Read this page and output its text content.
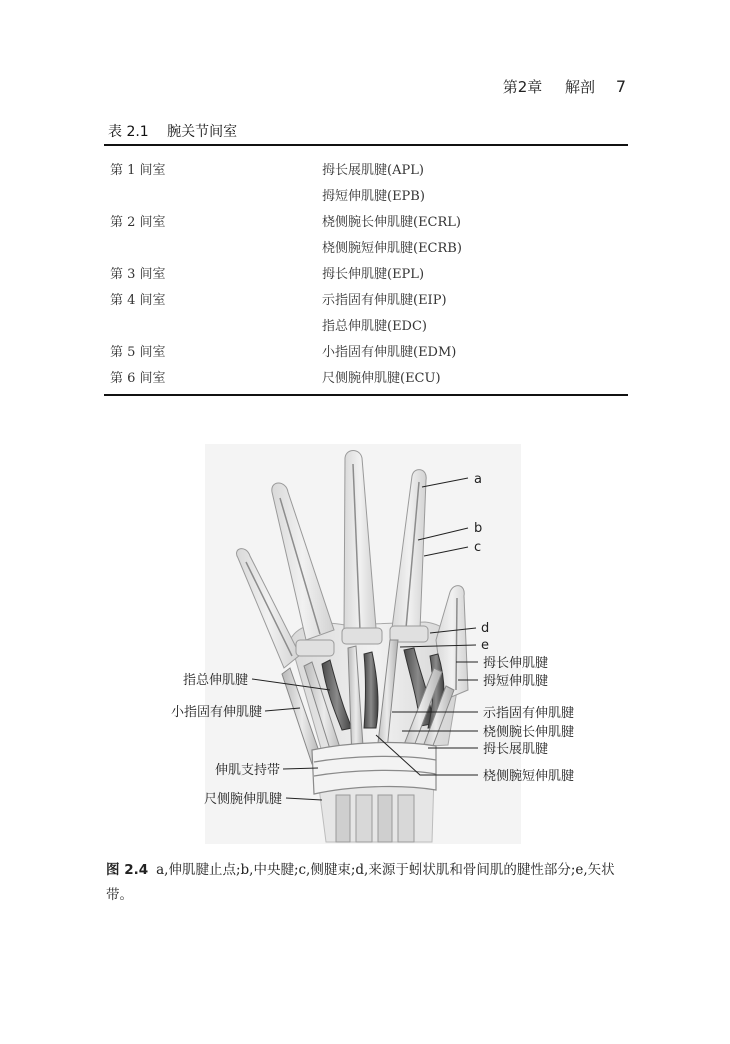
第2章 解剖 7
表 2.1 腕关节间室
第 1 间室	拇长展肌腱(APL)
拇短伸肌腱(EPB)
第 2 间室	桡侧腕长伸肌腱(ECRL)
桡侧腕短伸肌腱(ECRB)
第 3 间室	拇长伸肌腱(EPL)
第 4 间室	示指固有伸肌腱(EIP)
指总伸肌腱(EDC)
第 5 间室	小指固有伸肌腱(EDM)
第 6 间室	尺侧腕伸肌腱(ECU)
a
b
c
d
e
指总伸肌腱
小指固有伸肌腱
伸肌支持带
尺侧腕伸肌腱
拇长伸肌腱
拇短伸肌腱
示指固有伸肌腱
桡侧腕长伸肌腱
拇长展肌腱
桡侧腕短伸肌腱
图 2.4 a,伸肌腱止点;b,中央腱;c,侧腱束;d,来源于蚓状肌和骨间肌的腱性部分;e,矢状带。
